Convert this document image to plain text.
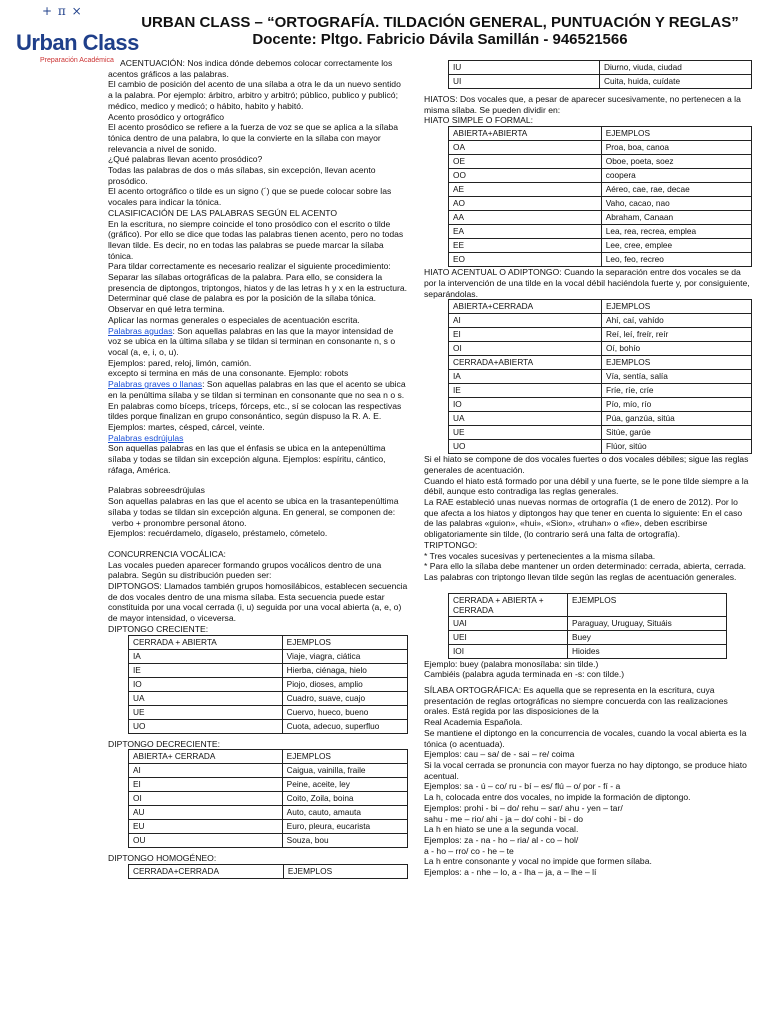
+ π ×
Urban Class
Preparación Académica
URBAN CLASS – “ORTOGRAFÍA. TILDACIÓN GENERAL, PUNTUACIÓN Y REGLAS”
Docente: Pltgo. Fabricio Dávila Samillán - 946521566

ACENTUACIÓN: Nos indica dónde debemos colocar correctamente los acentos gráficos a las palabras.

El cambio de posición del acento de una sílaba a otra le da un nuevo sentido a la palabra. Por ejemplo: árbitro, arbitro y arbitró; público, publico y publicó; médico, medico y medicó; o hábito, habito y habitó.

Acento prosódico y ortográfico

El acento prosódico se refiere a la fuerza de voz se que se aplica a la sílaba tónica dentro de una palabra, lo que la convierte en la sílaba con mayor relevancia a nivel de sonido.

¿Qué palabras llevan acento prosódico?

Todas las palabras de dos o más sílabas, sin excepción, llevan acento prosódico.

El acento ortográfico o tilde es un signo (´) que se puede colocar sobre las vocales para indicar la tónica.

CLASIFICACIÓN DE LAS PALABRAS SEGÚN EL ACENTO

En la escritura, no siempre coincide el tono prosódico con el escrito o tilde (gráfico). Por ello se dice que todas las palabras tienen acento, pero no todas llevan tilde. Es decir, no en todas las palabras se puede marcar la sílaba tónica.

Para tildar correctamente es necesario realizar el siguiente procedimiento:

Separar las sílabas ortográficas de la palabra. Para ello, se considera la presencia de diptongos, triptongos, hiatos y de las letras h y x en la estructura.

Determinar qué clase de palabra es por la posición de la sílaba tónica.

Observar en qué letra termina.

Aplicar las normas generales o especiales de acentuación escrita.

Palabras agudas: Son aquellas palabras en las que la mayor intensidad de voz se ubica en la última sílaba y se tildan si terminan en consonante n, s o vocal (a, e, i, o, u).

Ejemplos: pared, reloj, limón, camión.

excepto si termina en más de una consonante. Ejemplo: robots

Palabras graves o llanas: Son aquellas palabras en las que el acento se ubica en la penúltima sílaba y se tildan si terminan en consonante que no sea n o s. En palabras como bíceps, tríceps, fórceps, etc., sí se colocan las respectivas tildes porque finalizan en grupo consonántico, según dispuso la R. A. E. Ejemplos: martes, césped, cárcel, veinte.

Palabras esdrújulas

Son aquellas palabras en las que el énfasis se ubica en la antepenúltima sílaba y todas se tildan sin excepción alguna. Ejemplos: espíritu, cántico, ráfaga, América.

Palabras sobreesdrújulas

Son aquellas palabras en las que el acento se ubica en la trasantepenúltima sílaba y todas se tildan sin excepción alguna. En general, se componen de:

verbo + pronombre personal átono.

Ejemplos: recuérdamelo, dígaselo, préstamelo, cómetelo.

CONCURRENCIA VOCÁLICA:

Las vocales pueden aparecer formando grupos vocálicos dentro de una palabra. Según su distribución pueden ser:

DIPTONGOS: Llamados también grupos homosilábicos, establecen secuencia de dos vocales dentro de una misma sílaba. Esta secuencia puede estar constituida por una vocal cerrada (i, u) seguida por una vocal abierta (a, e, o) de mayor intensidad, o viceversa.

DIPTONGO CRECIENTE:

CERRADA + ABIERTA	EJEMPLOS
IA	Viaje, viagra, ciática
IE	Hierba, ciénaga, hielo
IO	Piojo, dioses, amplio
UA	Cuadro, suave, cuajo
UE	Cuervo, hueco, bueno
UO	Cuota, adecuo, superfluo

DIPTONGO DECRECIENTE:

ABIERTA+ CERRADA	EJEMPLOS
AI	Caigua, vainilla, fraile
EI	Peine, aceite, ley
OI	Coito, Zoila, boina
AU	Auto, cauto, amauta
EU	Euro, pleura, eucarista
OU	Souza, bou

DIPTONGO HOMOGÉNEO:

CERRADA+CERRADA	EJEMPLOS
IU	Diurno, viuda, ciudad
UI	Cuita, huida, cuídate

HIATOS: Dos vocales que, a pesar de aparecer sucesivamente, no pertenecen a la misma sílaba. Se pueden dividir en:

HIATO SIMPLE O FORMAL:

ABIERTA+ABIERTA	EJEMPLOS
OA	Proa, boa, canoa
OE	Oboe, poeta, soez
OO	coopera
AE	Aéreo, cae, rae, decae
AO	Vaho, cacao, nao
AA	Abraham, Canaan
EA	Lea, rea, recrea, emplea
EE	Lee, cree, emplee
EO	Leo, feo, recreo

HIATO ACENTUAL O ADIPTONGO: Cuando la separación entre dos vocales se da por la intervención de una tilde en la vocal débil haciéndola fuerte y, por consiguiente, separándolas.

ABIERTA+CERRADA	EJEMPLOS
AI	Ahí, caí, vahído
EI	Reí, leí, freír, reír
OI	Oí, bohío
CERRADA+ABIERTA	EJEMPLOS
IA	Vía, sentía, salía
IE	Fríe, ríe, críe
IO	Pío, mío, río
UA	Púa, ganzúa, sitúa
UE	Sitúe, garúe
UO	Flúor, sitúo

Si el hiato se compone de dos vocales fuertes o dos vocales débiles; sigue las reglas generales de acentuación.

Cuando el hiato está formado por una débil y una fuerte, se le pone tilde siempre a la débil, aunque esto contradiga las reglas generales.

La RAE estableció unas nuevas normas de ortografía (1 de enero de 2012). Por lo que afecta a los hiatos y diptongos hay que tener en cuenta lo siguiente: En el caso de las palabras «guion», «hui», «Sion», «truhan» o «fie», deben escribirse obligatoriamente sin tilde, (lo contrario será una falta de ortografía).

TRIPTONGO:

* Tres vocales sucesivas y pertenecientes a la misma sílaba.

* Para ello la sílaba debe mantener un orden determinado: cerrada, abierta, cerrada.

Las palabras con triptongo llevan tilde según las reglas de acentuación generales.

CERRADA + ABIERTA + CERRADA	EJEMPLOS
UAI	Paraguay, Uruguay, Situáis
UEI	Buey
IOI	Hioides

Ejemplo: buey (palabra monosílaba: sin tilde.)

Cambiéis (palabra aguda terminada en -s: con tilde.)

SÍLABA ORTOGRÁFICA: Es aquella que se representa en la escritura, cuya presentación de reglas ortográficas no siempre concuerda con las realizaciones orales. Está regida por las disposiciones de la

Real Academia Española.

Se mantiene el diptongo en la concurrencia de vocales, cuando la vocal abierta es la tónica (o acentuada).

Ejemplos: cau – sa/ de - sai – re/ coima

Si la vocal cerrada se pronuncia con mayor fuerza no hay diptongo, se produce hiato acentual.

Ejemplos: sa - ú – co/ ru - bí – es/ flú – o/ por - fí - a

La h, colocada entre dos vocales, no impide la formación de diptongo.

Ejemplos: prohi - bi – do/ rehu – sar/ ahu - yen – tar/

sahu - me – rio/ ahi - ja – do/ cohi - bi - do

La h en hiato se une a la segunda vocal.

Ejemplos: za - na - ho – ria/ al - co – hol/

a - ho – rro/ co - he – te

La h entre consonante y vocal no impide que formen sílaba.

Ejemplos: a - nhe – lo, a - lha – ja, a – lhe – lí
